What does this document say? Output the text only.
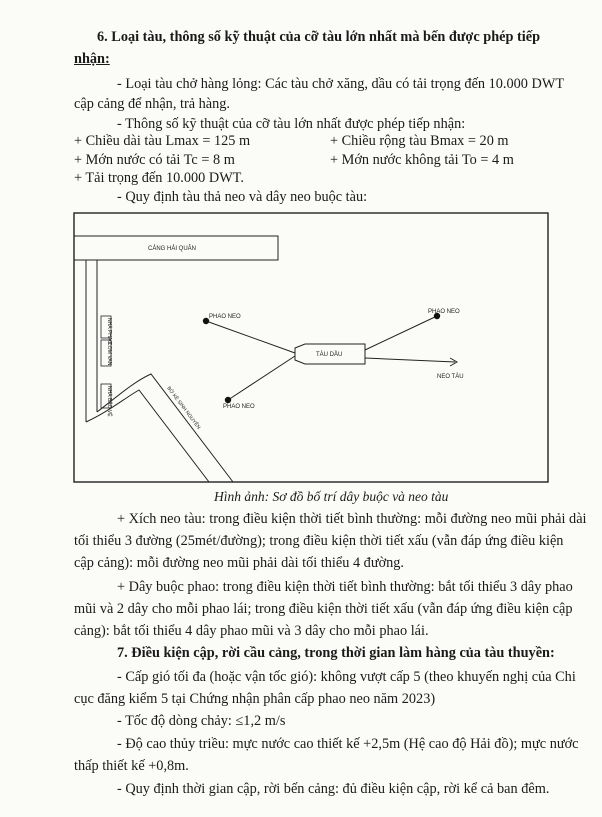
6. Loại tàu, thông số kỹ thuật của cỡ tàu lớn nhất mà bến được phép tiếp
nhận:
- Loại tàu chở hàng lỏng: Các tàu chở xăng, dầu có tải trọng đến 10.000 DWT
cập cảng để nhận, trả hàng.
- Thông số kỹ thuật của cỡ tàu lớn nhất được phép tiếp nhận:
+ Chiều dài tàu Lmax = 125 m	+ Chiều rộng tàu Bmax = 20 m
+ Mớn nước có tải Tc = 8 m	+ Mớn nước không tải To = 4 m
+ Tải trọng đến 10.000 DWT.
- Quy định tàu thả neo và dây neo buộc tàu:
CẢNG HẢI QUÂN
PHAO NEO
PHAO NEO
PHAO NEO
TÀU DẦU
NEO TÀU
NHÀ PHAO
CƠM VAN
NHÀ BẢO VỆ	BỜ KÈ SINH NGUYÊN
Hình ảnh: Sơ đồ bố trí dây buộc và neo tàu
+ Xích neo tàu: trong điều kiện thời tiết bình thường: mỗi đường neo mũi phải dài
tối thiểu 3 đường (25mét/đường); trong điều kiện thời tiết xấu (vẫn đáp ứng điều kiện
cập cảng): mỗi đường neo mũi phải dài tối thiểu 4 đường.
+ Dây buộc phao: trong điều kiện thời tiết bình thường: bắt tối thiểu 3 dây phao
mũi và 2 dây cho mỗi phao lái; trong điều kiện thời tiết xấu (vẫn đáp ứng điều kiện cập
cảng): bắt tối thiểu 4 dây phao mũi và 3 dây cho mỗi phao lái.
7. Điều kiện cập, rời cầu cảng, trong thời gian làm hàng của tàu thuyền:
- Cấp gió tối đa (hoặc vận tốc gió): không vượt cấp 5 (theo khuyến nghị của Chi
cục đăng kiểm 5 tại Chứng nhận phân cấp phao neo năm 2023)
- Tốc độ dòng chảy: ≤1,2 m/s
- Độ cao thủy triều: mực nước cao thiết kế +2,5m (Hệ cao độ Hải đồ); mực nước
thấp thiết kế +0,8m.
- Quy định thời gian cập, rời bến cảng: đủ điều kiện cập, rời kể cả ban đêm.
